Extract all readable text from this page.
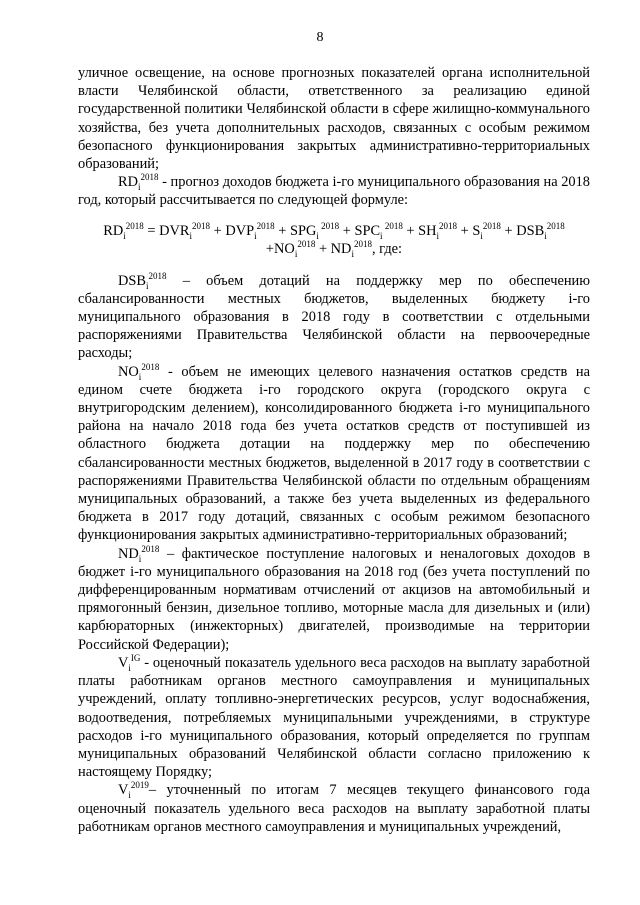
8

уличное освещение, на основе прогнозных показателей органа исполнительной власти Челябинской области, ответственного за реализацию единой государственной политики Челябинской области в сфере жилищно-коммунального хозяйства, без учета дополнительных расходов, связанных с особым режимом безопасного функционирования закрытых административно-территориальных образований;

$RD_i^{2018}$ - прогноз доходов бюджета i-го муниципального образования на 2018 год, который рассчитывается по следующей формуле:

$RD_i^{2018} = DVR_i^{2018} + DVP_i^{2018} + SPG_i$ $^{2018} + SPC_i$ $^{2018} + SH_i^{2018} + S_i^{2018} + DSB_i^{2018}$
$+NO_i^{2018} + ND_i^{2018}$, где:

$DSB_i^{2018}$ – объем дотаций на поддержку мер по обеспечению сбалансированности местных бюджетов, выделенных бюджету i-го муниципального образования в 2018 году в соответствии с отдельными распоряжениями Правительства Челябинской области на первоочередные расходы;

$NO_i^{2018}$ - объем не имеющих целевого назначения остатков средств на едином счете бюджета i-го городского округа (городского округа с внутригородским делением), консолидированного бюджета i-го муниципального района на начало 2018 года без учета остатков средств от поступившей из областного бюджета дотации на поддержку мер по обеспечению сбалансированности местных бюджетов, выделенной в 2017 году в соответствии с распоряжениями Правительства Челябинской области по отдельным обращениям муниципальных образований, а также без учета выделенных из федерального бюджета в 2017 году дотаций, связанных с особым режимом безопасного функционирования закрытых административно-территориальных образований;

$ND_i^{2018}$ – фактическое поступление налоговых и неналоговых доходов в бюджет i-го муниципального образования на 2018 год (без учета поступлений по дифференцированным нормативам отчислений от акцизов на автомобильный и прямогонный бензин, дизельное топливо, моторные масла для дизельных и (или) карбюраторных (инжекторных) двигателей, производимые на территории Российской Федерации);

$V_i^{IG}$ - оценочный показатель удельного веса расходов на выплату заработной платы работникам органов местного самоуправления и муниципальных учреждений, оплату топливно-энергетических ресурсов, услуг водоснабжения, водоотведения, потребляемых муниципальными учреждениями, в структуре расходов i-го муниципального образования, который определяется по группам муниципальных образований Челябинской области согласно приложению к настоящему Порядку;

$V_i^{2019}-$ уточненный по итогам 7 месяцев текущего финансового года оценочный показатель удельного веса расходов на выплату заработной платы работникам органов местного самоуправления и муниципальных учреждений,
